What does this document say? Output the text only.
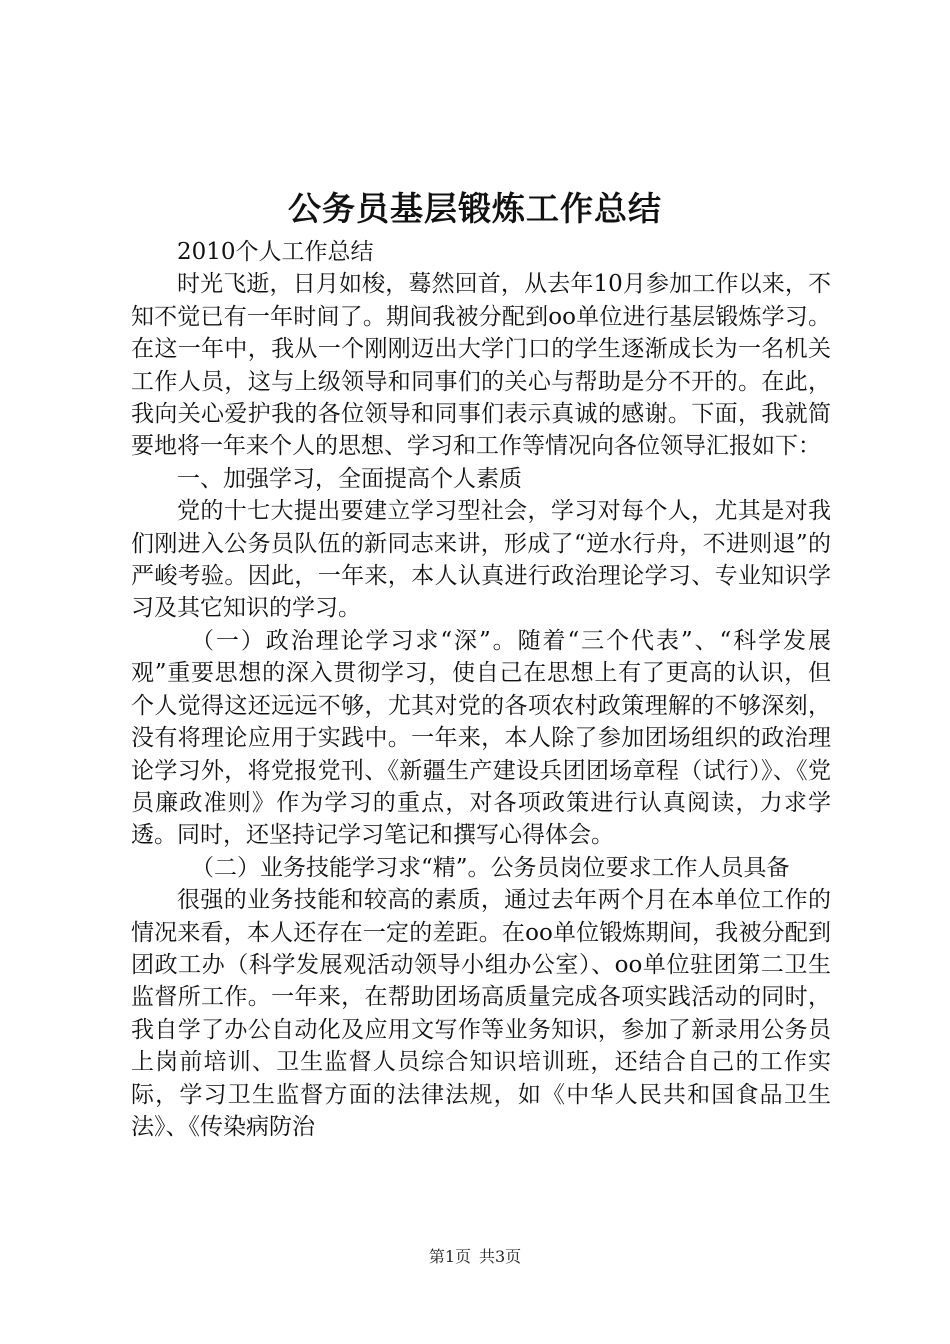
公务员基层锻炼工作总结

2010个人工作总结

时光飞逝，日月如梭，蓦然回首，从去年10月参加工作以来，不知不觉已有一年时间了。期间我被分配到oo单位进行基层锻炼学习。在这一年中，我从一个刚刚迈出大学门口的学生逐渐成长为一名机关工作人员，这与上级领导和同事们的关心与帮助是分不开的。在此，我向关心爱护我的各位领导和同事们表示真诚的感谢。下面，我就简要地将一年来个人的思想、学习和工作等情况向各位领导汇报如下：

一、加强学习，全面提高个人素质

党的十七大提出要建立学习型社会，学习对每个人，尤其是对我们刚进入公务员队伍的新同志来讲，形成了“逆水行舟，不进则退”的严峻考验。因此，一年来，本人认真进行政治理论学习、专业知识学习及其它知识的学习。

（一）政治理论学习求“深”。随着“三个代表”、“科学发展观”重要思想的深入贯彻学习，使自己在思想上有了更高的认识，但个人觉得这还远远不够，尤其对党的各项农村政策理解的不够深刻，没有将理论应用于实践中。一年来，本人除了参加团场组织的政治理论学习外，将党报党刊、《新疆生产建设兵团团场章程（试行）》、《党员廉政准则》作为学习的重点，对各项政策进行认真阅读，力求学透。同时，还坚持记学习笔记和撰写心得体会。

（二）业务技能学习求“精”。公务员岗位要求工作人员具备

很强的业务技能和较高的素质，通过去年两个月在本单位工作的情况来看，本人还存在一定的差距。在oo单位锻炼期间，我被分配到团政工办（科学发展观活动领导小组办公室）、oo单位驻团第二卫生监督所工作。一年来，在帮助团场高质量完成各项实践活动的同时，我自学了办公自动化及应用文写作等业务知识，参加了新录用公务员上岗前培训、卫生监督人员综合知识培训班，还结合自己的工作实际，学习卫生监督方面的法律法规，如《中华人民共和国食品卫生法》、《传染病防治

第1页 共3页
